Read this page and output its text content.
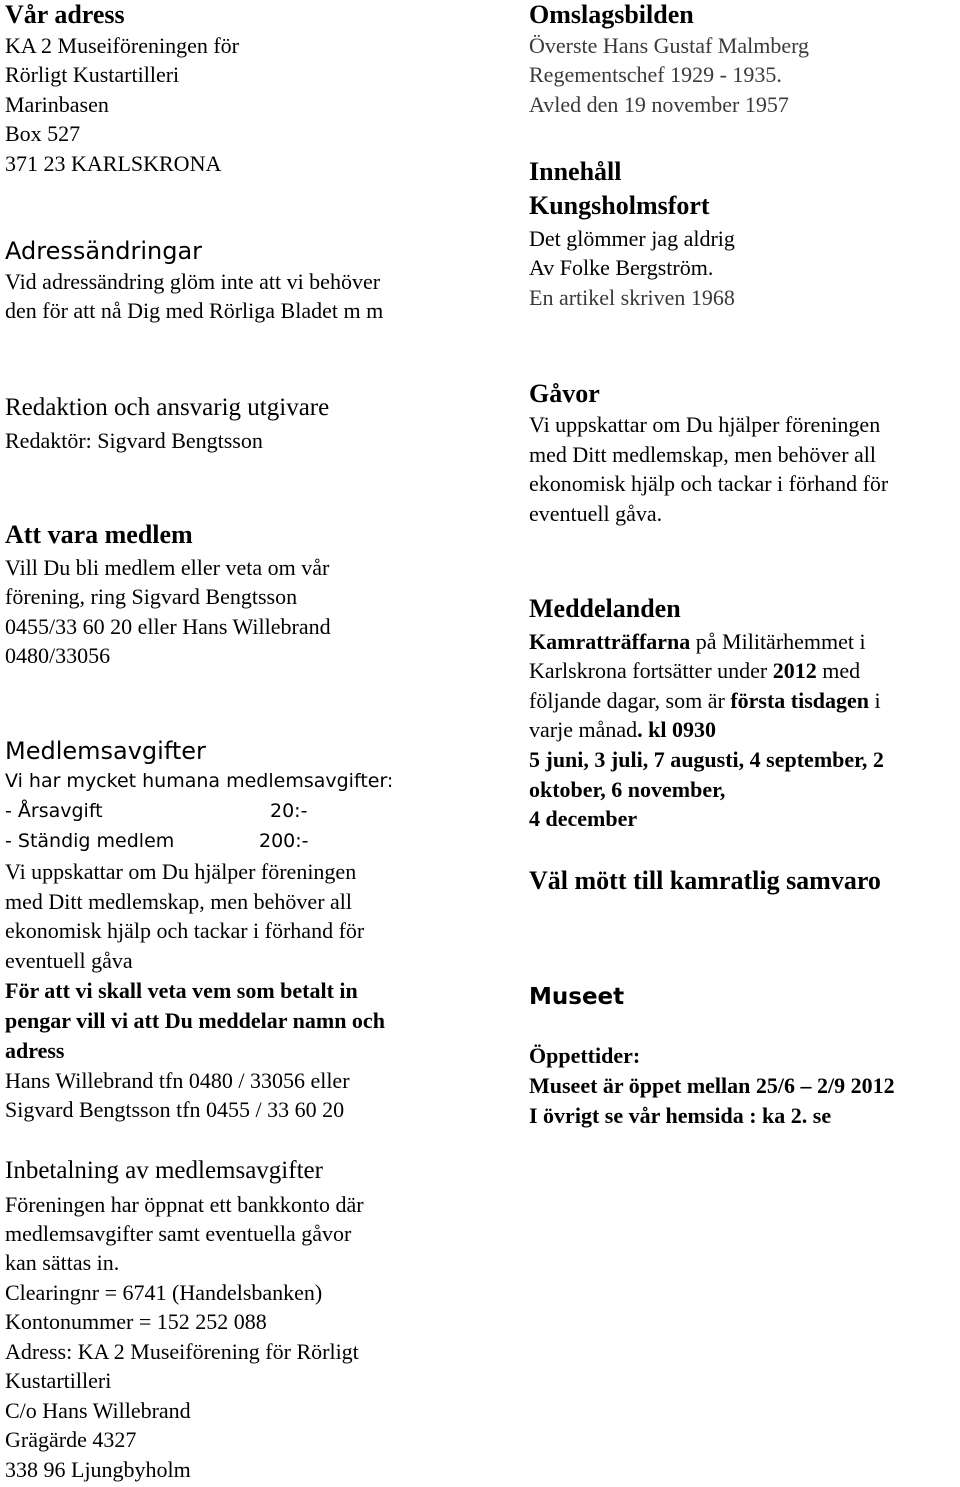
Vår adress
KA 2 Museiföreningen för
Rörligt Kustartilleri
Marinbasen
Box 527
371 23 KARLSKRONA
Adressändringar
Vid adressändring glöm inte att vi behöver
den för att nå Dig med Rörliga Bladet m m
Redaktion och ansvarig utgivare
Redaktör: Sigvard Bengtsson
Att vara medlem
Vill Du bli medlem eller veta om vår
förening, ring Sigvard Bengtsson
0455/33 60 20 eller Hans Willebrand
0480/33056
Medlemsavgifter
Vi har mycket humana medlemsavgifter:
- Årsavgift	20:-
- Ständig medlem	200:-
Vi uppskattar om Du hjälper föreningen
med Ditt medlemskap, men behöver all
ekonomisk hjälp och tackar i förhand för
eventuell gåva
För att vi skall veta vem som betalt in
pengar vill vi att Du meddelar namn och
adress
Hans Willebrand tfn 0480 / 33056 eller
Sigvard Bengtsson tfn 0455 / 33 60 20
Inbetalning av medlemsavgifter
Föreningen har öppnat ett bankkonto där
medlemsavgifter samt eventuella gåvor
kan sättas in.
Clearingnr = 6741 (Handelsbanken)
Kontonummer = 152 252 088
Adress: KA 2 Museiförening för Rörligt
Kustartilleri
C/o Hans Willebrand
Grägärde 4327
338 96 Ljungbyholm
Omslagsbilden
Överste Hans Gustaf Malmberg
Regementschef 1929 - 1935.
Avled den 19 november 1957
Innehåll
Kungsholmsfort
Det glömmer jag aldrig
Av Folke Bergström.
En artikel skriven 1968
Gåvor
Vi uppskattar om Du hjälper föreningen
med Ditt medlemskap, men behöver all
ekonomisk hjälp och tackar i förhand för
eventuell gåva.
Meddelanden
Kamratträffarna på Militärhemmet i
Karlskrona fortsätter under 2012 med
följande dagar, som är första tisdagen i
varje månad. kl 0930
5 juni, 3 juli, 7 augusti, 4 september, 2
oktober, 6 november,
4 december
Väl mött till kamratlig samvaro
Museet
Öppettider:
Museet är öppet mellan 25/6 – 2/9 2012
I övrigt se vår hemsida : ka 2. se
